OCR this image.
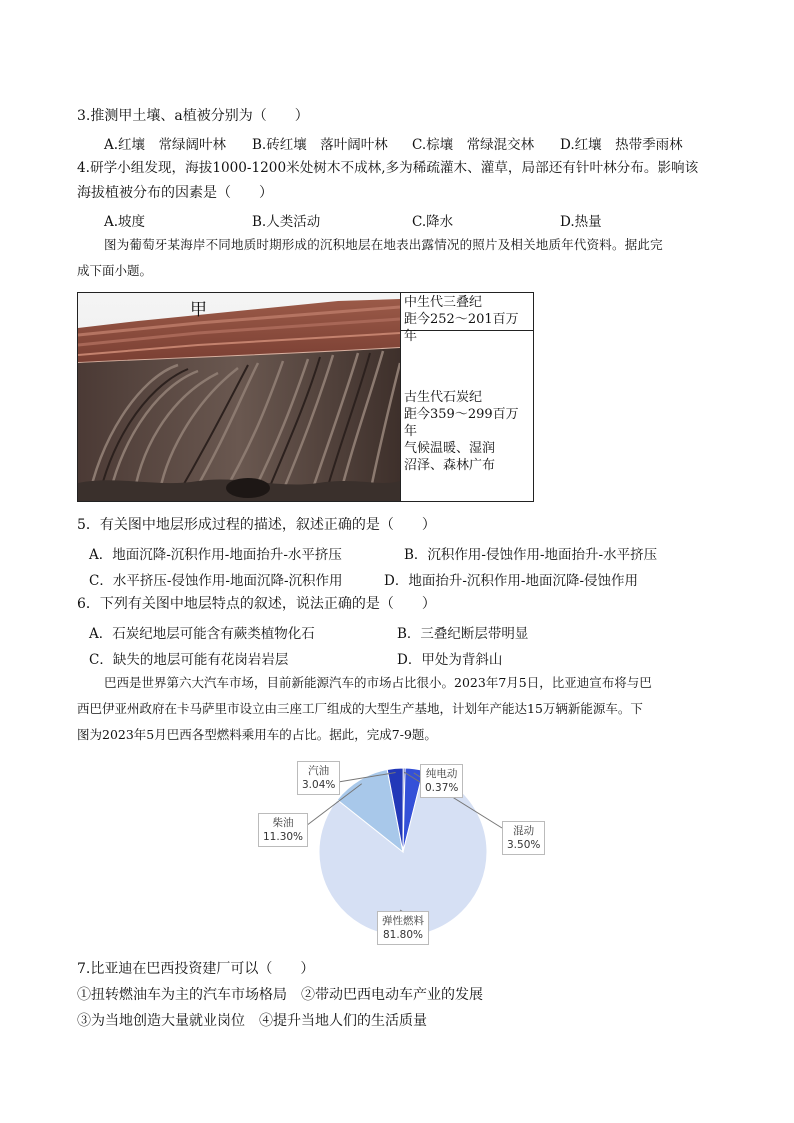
3.推测甲土壤、a植被分别为（　　）
A.红壤　常绿阔叶林	B.砖红壤　落叶阔叶林	C.棕壤　常绿混交林	D.红壤　热带季雨林
4.研学小组发现，海拔1000-1200米处树木不成林,多为稀疏灌木、灌草，局部还有针叶林分布。影响该
海拔植被分布的因素是（　　）
A.坡度	B.人类活动	C.降水	D.热量
图为葡萄牙某海岸不同地质时期形成的沉积地层在地表出露情况的照片及相关地质年代资料。据此完
成下面小题。
甲	中生代三叠纪
距今252～201百万年
古生代石炭纪
距今359～299百万年
气候温暖、湿润
沼泽、森林广布
5．有关图中地层形成过程的描述，叙述正确的是（　　）
A．地面沉降-沉积作用-地面抬升-水平挤压	B．沉积作用-侵蚀作用-地面抬升-水平挤压
C．水平挤压-侵蚀作用-地面沉降-沉积作用	D．地面抬升-沉积作用-地面沉降-侵蚀作用
6．下列有关图中地层特点的叙述，说法正确的是（　　）
A．石炭纪地层可能含有蕨类植物化石	B．三叠纪断层带明显
C．缺失的地层可能有花岗岩岩层	D．甲处为背斜山
巴西是世界第六大汽车市场，目前新能源汽车的市场占比很小。2023年7月5日，比亚迪宣布将与巴
西巴伊亚州政府在卡马萨里市设立由三座工厂组成的大型生产基地，计划年产能达15万辆新能源车。下
图为2023年5月巴西各型燃料乘用车的占比。据此，完成7-9题。
纯电动
0.37%
混动
3.50%
弹性燃料
81.80%
柴油
11.30%
汽油
3.04%
7.比亚迪在巴西投资建厂可以（　　）
①扭转燃油车为主的汽车市场格局　②带动巴西电动车产业的发展
③为当地创造大量就业岗位　④提升当地人们的生活质量
